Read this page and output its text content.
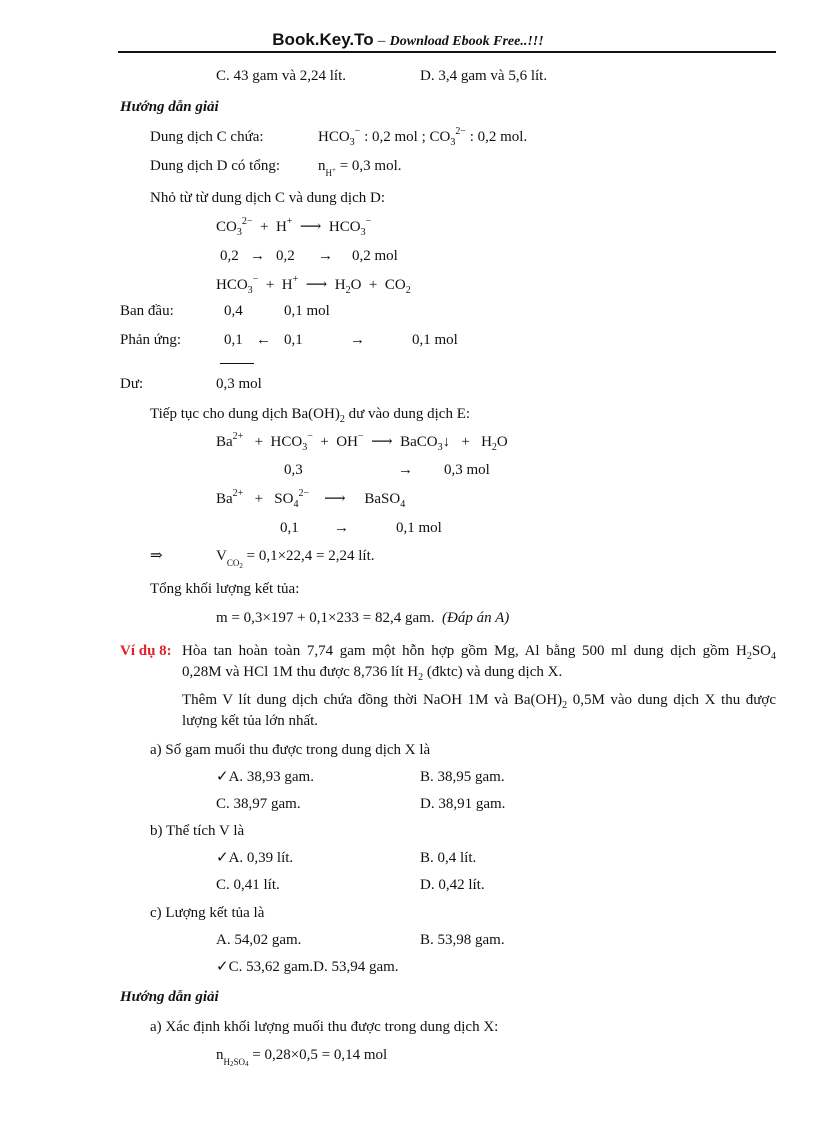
Book.Key.To – Download Ebook Free..!!!
C. 43 gam và 2,24 lít.	D. 3,4 gam và 5,6 lít.
Hướng dẫn giải
Dung dịch C chứa:	$HCO_3^-$ : 0,2 mol ; $CO_3^{2-}$ : 0,2 mol.
Dung dịch D có tổng:	$n_{H^+} = 0,3$ mol.
Nhỏ từ từ dung dịch C và dung dịch D:
$CO_3^{2-} + H^+$  ⟶  $HCO_3^-$
0,2 → 0,2 → 0,2 mol
$HCO_3^- + H^+$  ⟶  $H_2O + CO_2$
Ban đầu:	0,4	0,1 mol
Phản ứng:	0,1 ← 0,1	→	0,1 mol
Dư:	0,3 mol
Tiếp tục cho dung dịch $Ba(OH)_2$ dư vào dung dịch E:
$Ba^{2+} + HCO_3^- + OH^-$  ⟶  BaCO$_3$↓   +   $H_2O$
0,3	→ 0,3 mol
$Ba^{2+} + SO_4^{2-}$    ⟶     BaSO$_4$
0,1 →	0,1 mol
⇒	$V_{CO_2} = 0,1\times 22,4 = 2,24$ lít.
Tổng khối lượng kết tủa:
m = 0,3×197 + 0,1×233 = 82,4 gam. (Đáp án A)
Ví dụ 8: Hòa tan hoàn toàn 7,74 gam một hỗn hợp gồm Mg, Al bằng 500 ml dung dịch gồm $H_2SO_4$
0,28M và HCl 1M thu được 8,736 lít $H_2$ (đktc) và dung dịch X.
Thêm V lít dung dịch chứa đồng thời NaOH 1M và $Ba(OH)_2$ 0,5M vào dung dịch X thu được lượng kết tủa lớn nhất.
a) Số gam muối thu được trong dung dịch X là
✓A. 38,93 gam.	B. 38,95 gam.
C. 38,97 gam.	D. 38,91 gam.
b) Thể tích V là
✓A. 0,39 lít.	B. 0,4 lít.
C. 0,41 lít.	D. 0,42 lít.
c) Lượng kết tủa là
A. 54,02 gam.	B. 53,98 gam.
✓C. 53,62 gam.D. 53,94 gam.
Hướng dẫn giải
a) Xác định khối lượng muối thu được trong dung dịch X:
$n_{H_2SO_4} = 0,28\times 0,5 = 0,14$ mol
